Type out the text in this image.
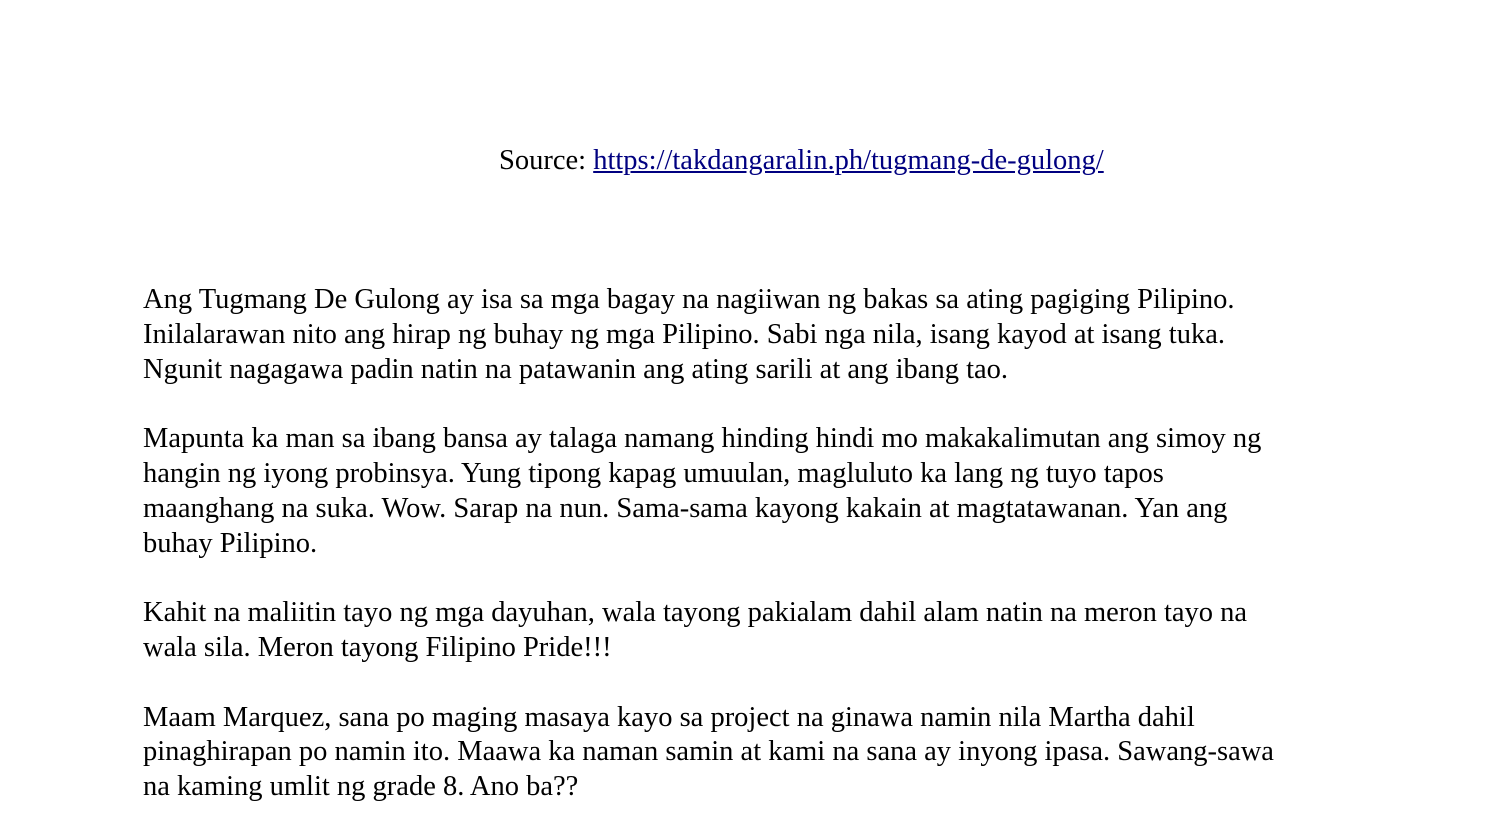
Source: https://takdangaralin.ph/tugmang-de-gulong/

Ang Tugmang De Gulong ay isa sa mga bagay na nagiiwan ng bakas sa ating pagiging Pilipino.
Inilalarawan nito ang hirap ng buhay ng mga Pilipino. Sabi nga nila, isang kayod at isang tuka.
Ngunit nagagawa padin natin na patawanin ang ating sarili at ang ibang tao.

Mapunta ka man sa ibang bansa ay talaga namang hinding hindi mo makakalimutan ang simoy ng
hangin ng iyong probinsya. Yung tipong kapag umuulan, magluluto ka lang ng tuyo tapos
maanghang na suka. Wow. Sarap na nun. Sama-sama kayong kakain at magtatawanan. Yan ang
buhay Pilipino.

Kahit na maliitin tayo ng mga dayuhan, wala tayong pakialam dahil alam natin na meron tayo na
wala sila. Meron tayong Filipino Pride!!!

Maam Marquez, sana po maging masaya kayo sa project na ginawa namin nila Martha dahil
pinaghirapan po namin ito. Maawa ka naman samin at kami na sana ay inyong ipasa. Sawang-sawa
na kaming umlit ng grade 8. Ano ba??
